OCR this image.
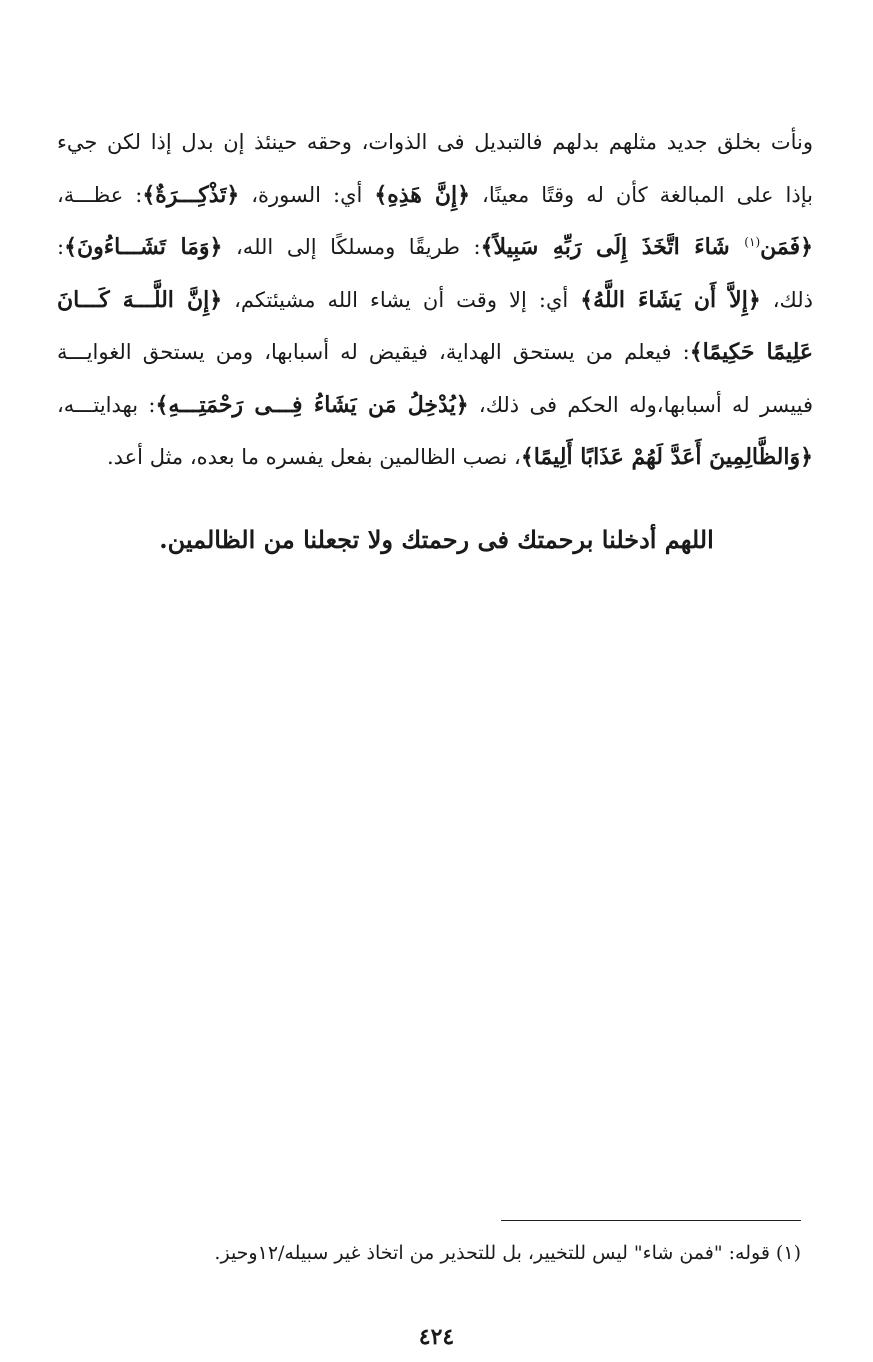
ونأت بخلق جديد مثلهم بدلهم فالتبديل فى الذوات، وحقه حينئذ إن بدل إذا لكن جيء
بإذا على المبالغة كأن له وقتًا معينًا، ﴿إِنَّ هَذِهِ﴾ أي: السورة، ﴿تَذْكِـــرَةٌ﴾: عظـــة،
﴿فَمَن$^{(١)}$ شَاءَ اتَّخَذَ إِلَى رَبِّهِ سَبِيلاً﴾: طريقًا ومسلكًا إلى الله، ﴿وَمَا تَشَـــاءُونَ﴾:
ذلك، ﴿إِلاَّ أَن يَشَاءَ اللَّهُ﴾ أي: إلا وقت أن يشاء الله مشيئتكم، ﴿إِنَّ اللَّـــهَ كَـــانَ
عَلِيمًا حَكِيمًا﴾: فيعلم من يستحق الهداية، فيقيض له أسبابها، ومن يستحق الغوايـــة
فييسر له أسبابها،وله الحكم فى ذلك، ﴿يُدْخِلُ مَن يَشَاءُ فِـــى رَحْمَتِـــهِ﴾: بهدايتـــه،
﴿وَالظَّالِمِينَ أَعَدَّ لَهُمْ عَذَابًا أَلِيمًا﴾، نصب الظالمين بفعل يفسره ما بعده، مثل أعد.
اللهم أدخلنا برحمتك فى رحمتك ولا تجعلنا من الظالمين.
(١) قوله: "فمن شاء" ليس للتخيير، بل للتحذير من اتخاذ غير سبيله/١٢وحيز.
٤٢٤
